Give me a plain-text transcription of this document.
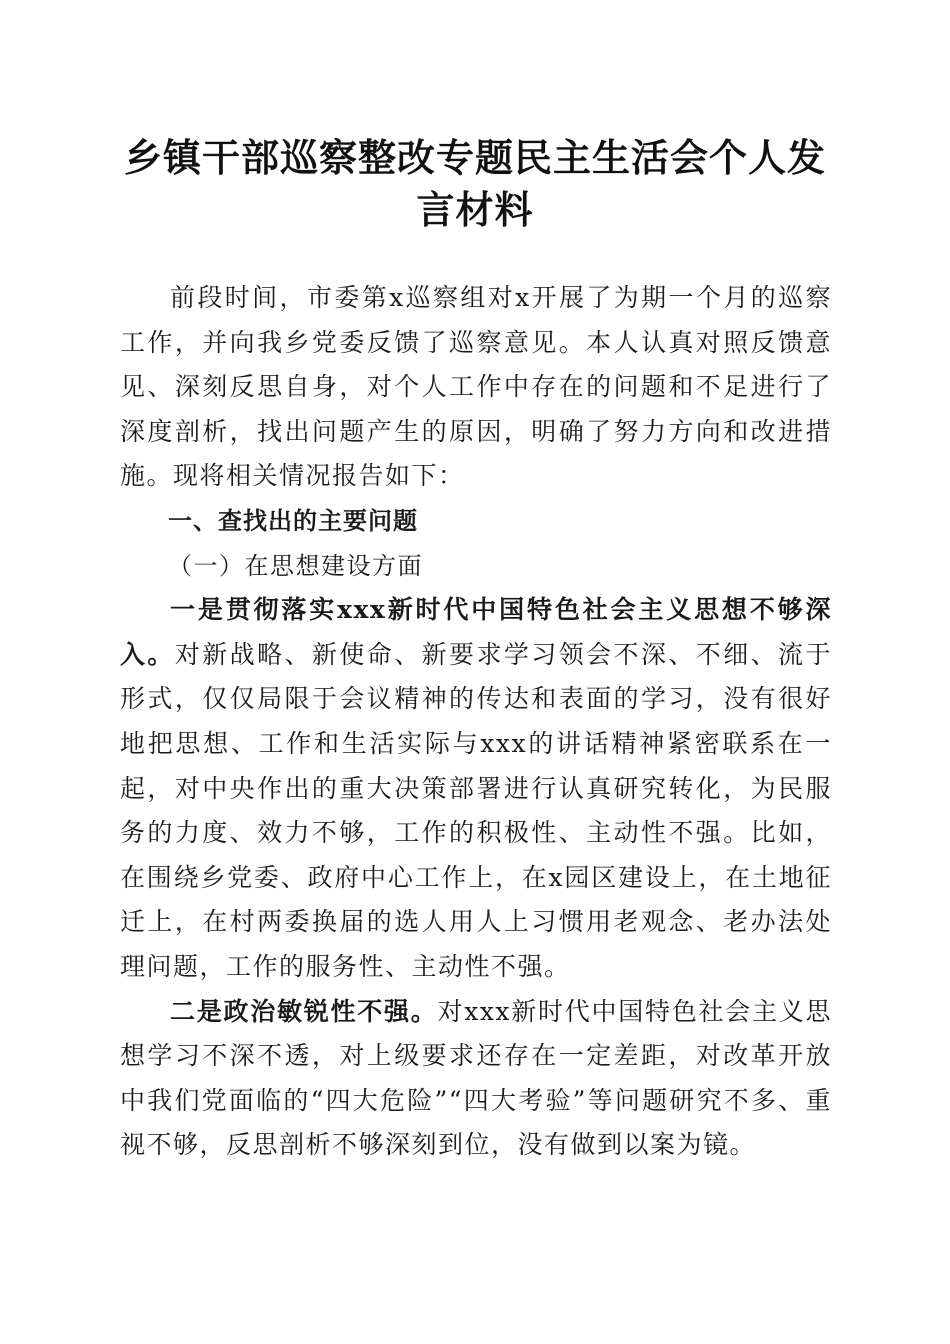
乡镇干部巡察整改专题民主生活会个人发言材料

前段时间，市委第x巡察组对x开展了为期一个月的巡察工作，并向我乡党委反馈了巡察意见。本人认真对照反馈意见、深刻反思自身，对个人工作中存在的问题和不足进行了深度剖析，找出问题产生的原因，明确了努力方向和改进措施。现将相关情况报告如下：

一、查找出的主要问题

（一）在思想建设方面

一是贯彻落实xxx新时代中国特色社会主义思想不够深入。对新战略、新使命、新要求学习领会不深、不细、流于形式，仅仅局限于会议精神的传达和表面的学习，没有很好地把思想、工作和生活实际与xxx的讲话精神紧密联系在一起，对中央作出的重大决策部署进行认真研究转化，为民服务的力度、效力不够，工作的积极性、主动性不强。比如，在围绕乡党委、政府中心工作上，在x园区建设上，在土地征迁上，在村两委换届的选人用人上习惯用老观念、老办法处理问题，工作的服务性、主动性不强。

二是政治敏锐性不强。对xxx新时代中国特色社会主义思想学习不深不透，对上级要求还存在一定差距，对改革开放中我们党面临的“四大危险”“四大考验”等问题研究不多、重视不够，反思剖析不够深刻到位，没有做到以案为镜。
